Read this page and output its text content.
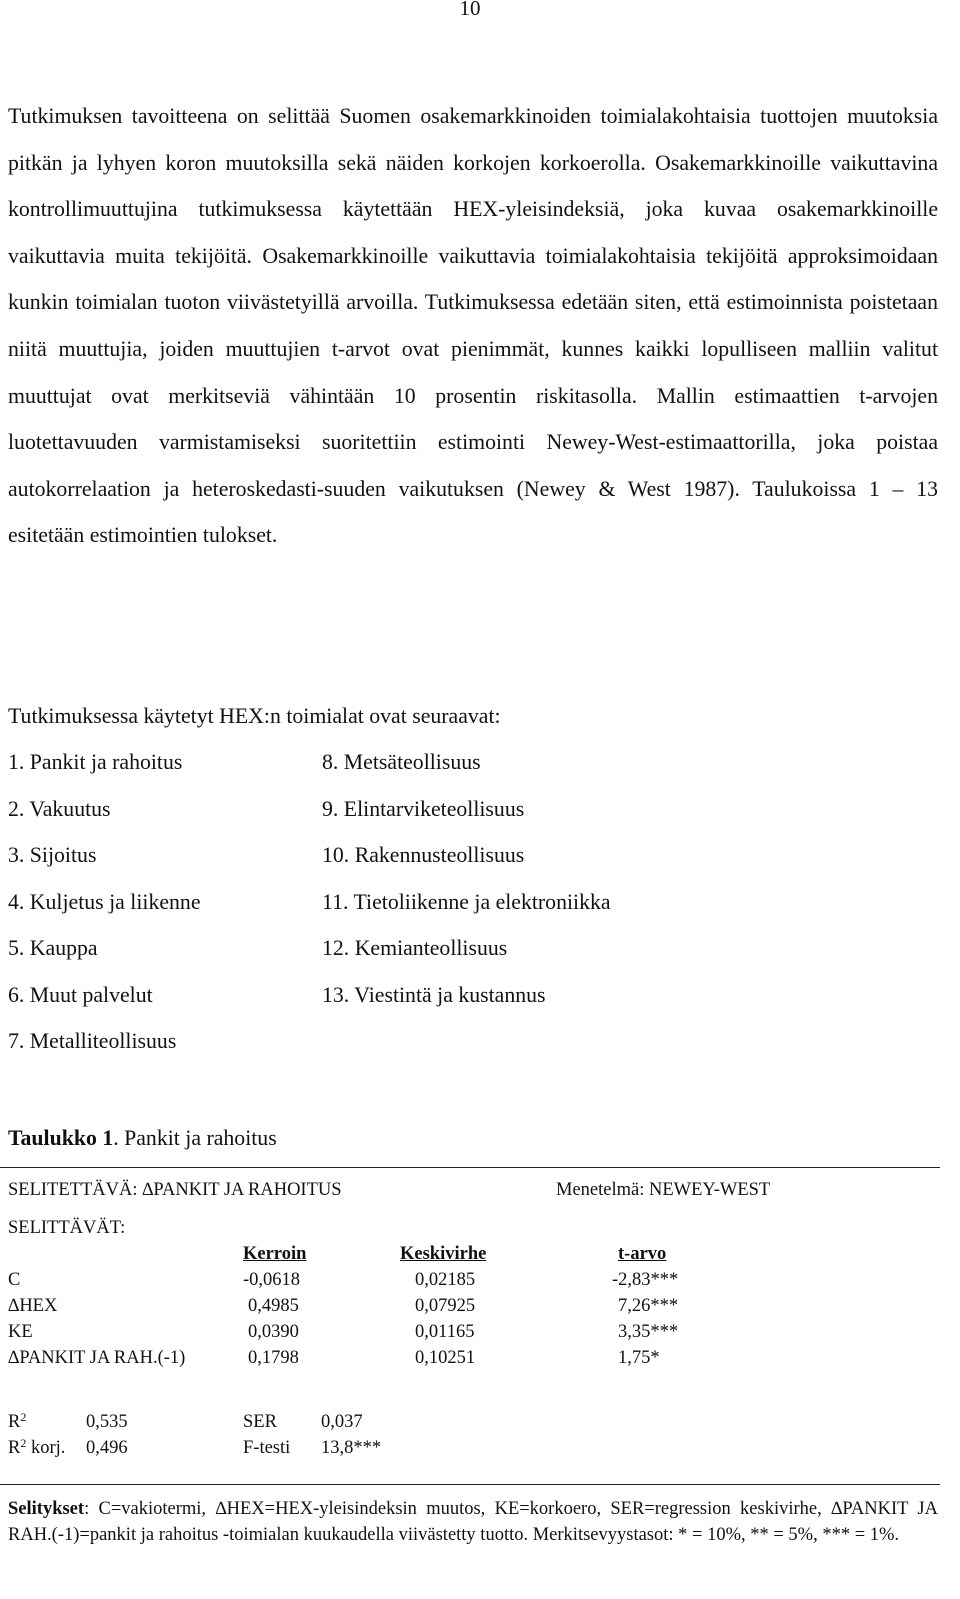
10

Tutkimuksen tavoitteena on selittää Suomen osakemarkkinoiden toimialakohtaisia tuottojen muutoksia pitkän ja lyhyen koron muutoksilla sekä näiden korkojen korkoerolla. Osakemarkkinoille vaikuttavina kontrollimuuttujina tutkimuksessa käytettään HEX-yleisindeksiä, joka kuvaa osakemarkkinoille vaikuttavia muita tekijöitä. Osakemarkkinoille vaikuttavia toimialakohtaisia tekijöitä approksimoidaan kunkin toimialan tuoton viivästetyillä arvoilla. Tutkimuksessa edetään siten, että estimoinnista poistetaan niitä muuttujia, joiden muuttujien t-arvot ovat pienimmät, kunnes kaikki lopulliseen malliin valitut muuttujat ovat merkitseviä vähintään 10 prosentin riskitasolla. Mallin estimaattien t-arvojen luotettavuuden varmistamiseksi suoritettiin estimointi Newey-West-estimaattorilla, joka poistaa autokorrelaation ja heteroskedasti-suuden vaikutuksen (Newey & West 1987). Taulukoissa 1 – 13 esitetään estimointien tulokset.

Tutkimuksessa käytetyt HEX:n toimialat ovat seuraavat:
1. Pankit ja rahoitus
2. Vakuutus
3. Sijoitus
4. Kuljetus ja liikenne
5. Kauppa
6. Muut palvelut
7. Metalliteollisuus
8. Metsäteollisuus
9. Elintarviketeollisuus
10. Rakennusteollisuus
11. Tietoliikenne ja elektroniikka
12. Kemianteollisuus
13. Viestintä ja kustannus
Taulukko 1. Pankit ja rahoitus
SELITETTÄVÄ: ∆PANKIT JA RAHOITUS	Menetelmä: NEWEY-WEST
SELITTÄVÄT:
Kerroin	Keskivirhe	t-arvo
C	-0,0618	0,02185	-2,83***
∆HEX	0,4985	0,07925	7,26***
KE	0,0390	0,01165	3,35***
∆PANKIT JA RAH.(-1)	0,1798	0,10251	1,75*
$R^2$	0,535	SER 0,037
$R^2$ korj. 0,496	F-testi 13,8***

Selitykset: C=vakiotermi, ∆HEX=HEX-yleisindeksin muutos, KE=korkoero, SER=regression keskivirhe, ∆PANKIT JA RAH.(-1)=pankit ja rahoitus -toimialan kuukaudella viivästetty tuotto. Merkitsevyystasot: * = 10%, ** = 5%, *** = 1%.
